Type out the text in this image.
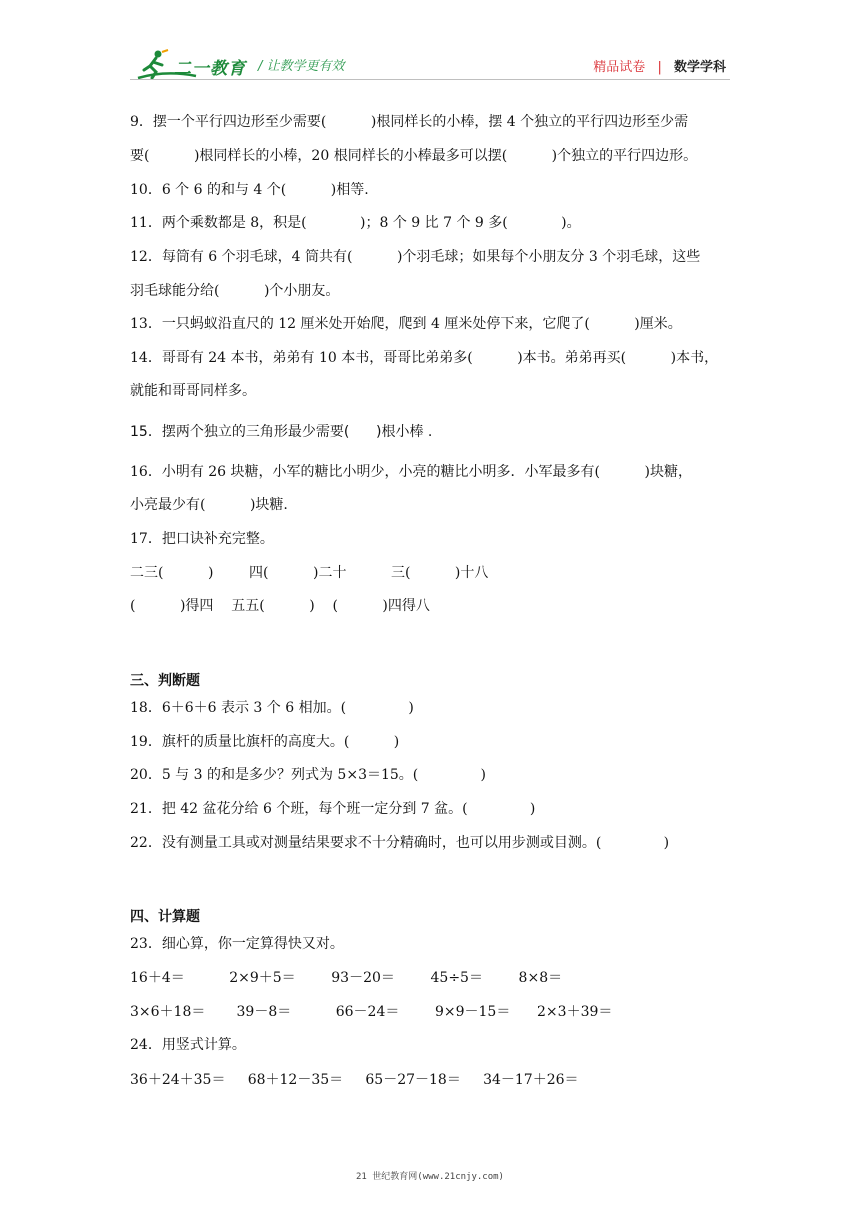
二一教育 / 让教学更有效	精品试卷 | 数学学科
9．摆一个平行四边形至少需要(          )根同样长的小棒，摆 4 个独立的平行四边形至少需
要(          )根同样长的小棒，20 根同样长的小棒最多可以摆(          )个独立的平行四边形。
10．6 个 6 的和与 4 个(          )相等.
11．两个乘数都是 8，积是(            )；8 个 9 比 7 个 9 多(            )。
12．每筒有 6 个羽毛球，4 筒共有(          )个羽毛球；如果每个小朋友分 3 个羽毛球，这些
羽毛球能分给(          )个小朋友。
13．一只蚂蚁沿直尺的 12 厘米处开始爬，爬到 4 厘米处停下来，它爬了(          )厘米。
14．哥哥有 24 本书，弟弟有 10 本书，哥哥比弟弟多(          )本书。弟弟再买(          )本书，
就能和哥哥同样多。
15．摆两个独立的三角形最少需要(      )根小棒 .
16．小明有 26 块糖，小军的糖比小明少，小亮的糖比小明多．小军最多有(          )块糖，
小亮最少有(          )块糖.
17．把口诀补充完整。
二三(          )        四(          )二十          三(          )十八
(          )得四    五五(          )    (          )四得八
三、判断题
18．6＋6＋6 表示 3 个 6 相加。(              )
19．旗杆的质量比旗杆的高度大。(          )
20．5 与 3 的和是多少？列式为 5×3＝15。(              )
21．把 42 盆花分给 6 个班，每个班一定分到 7 盆。(              )
22．没有测量工具或对测量结果要求不十分精确时，也可以用步测或目测。(              )
四、计算题
23．细心算，你一定算得快又对。
16＋4＝          2×9＋5＝        93－20＝        45÷5＝        8×8＝
3×6＋18＝       39－8＝          66－24＝        9×9－15＝      2×3＋39＝
24．用竖式计算。
36＋24＋35＝     68＋12－35＝     65－27－18＝     34－17＋26＝
21 世纪教育网(www.21cnjy.com)
